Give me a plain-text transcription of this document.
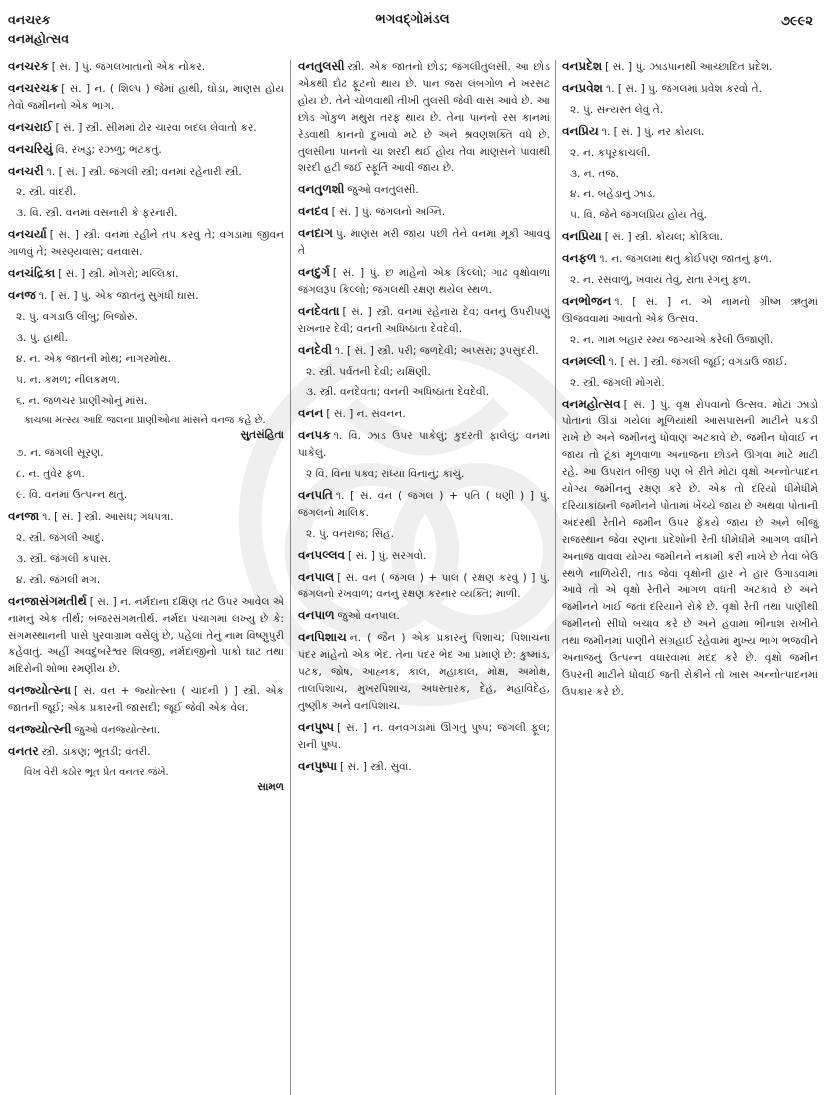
વનચરક
વનમહોત્સવ
ભગવદ્ગોમંડલ	૭૯૯૨
વનચરક [ સં. ] પું. જંગલખાતાનો એક નોકર.
વનચરચક્ર [ સં. ] ન. ( શિલ્પ ) જેમાં હાથી, ઘોડા, માણસ હોય તેવો જમીનનો એક ભાગ.
વનચરાઈ [ સં. ] સ્ત્રી. સીમમાં ઢોર ચારવા બદલ લેવાતો કર.
વનચરિયું વિ. રખડુ; રઝળુ; ભટકતું.
વનચરી ૧. [ સં. ] સ્ત્રી. જંગલી સ્ત્રી; વનમાં રહેનારી સ્ત્રી.
૨. સ્ત્રી. વાંદરી.
૩. વિ. સ્ત્રી. વનમાં વસનારી કે ફરનારી.
વનચર્યા [ સં. ] સ્ત્રી. વનમાં રહીને તપ કરવું તે; વગડામાં જીવન ગાળવું તે; અરણ્યવાસ; વનવાસ.
વનચંદ્રિકા [ સં. ] સ્ત્રી. મોગરો; મલ્લિકા.
વનજ ૧. [ સં. ] પું. એક જાતનું સુગંધી ઘાસ.
૨. પું. વગડાઉ લીંબુ; બિજોરું.
૩. પું. હાથી.
૪. ન. એક જાતની મોથ; નાગરમોથ.
૫. ન. કમળ; નીલકમળ.
૬. ન. જળચર પ્રાણીઓનું માંસ.
કાચબા મત્સ્ય આદિ જલના પ્રાણીઓના માંસને વનજ કહે છે.
સુતસંહિતા
૭. ન. જંગલી સૂરણ.
૮. ન. તુવેર ફળ.
૯. વિ. વનમાં ઉત્પન્ન થતું.
વનજા ૧. [ સં. ] સ્ત્રી. આસંધ; ગંધપત્રા.
૨. સ્ત્રી. જંગલી આદું.
૩. સ્ત્રી. જંગલી કપાસ.
૪. સ્ત્રી. જંગલી મગ.
વનજાસંગમતીર્થ [ સં. ] ન. નર્મદાના દક્ષિણ તટ ઉપર આવેલ એ નામનું એક તીર્થ; બંજરસંગમતીર્થ. નર્મદા પંચાગમાં લખ્યું છે કે: સંગમસ્થાનની પાસે પુરવાગ્રામ વસેલું છે, પહેલાં તેનું નામ વિષ્ણુપુરી કહેવાતું. અહીં અવદુંબરેશ્વર શિવજી, નર્મદાજીનો પાકો ઘાટ તથા મંદિરોની શોભા રમણીય છે.
વનજ્યોત્સ્ના [ સં. વન + જ્યોત્સ્ના ( ચાંદની ) ] સ્ત્રી. એક જાતની જૂઈ; એક પ્રકારની જાસદી; જૂઈ જેવી એક વેલ.
વનજ્યોત્સ્ની જુઓ વનજ્યોત્સ્ના.
વનતર સ્ત્રી. ડાકણ; ભૂતડી; વંતરી.
વિખ વેરી કઠોર ભૂત પ્રેત વનતર જંખે.
સામળ
વનતુલસી સ્ત્રી. એક જાતનો છોડ; જંગલીતુલસી. આ છોડ એકથી દોઢ ફૂટનો થાય છે. પાન જરા લંબગોળ ને ખરસટ હોય છે. તેને ચોળવાથી તીખી તુલસી જેવી વાસ આવે છે. આ છોડ ગોકુળ મથુરા તરફ થાય છે. તેના પાનનો રસ કાનમાં રેડવાથી કાનનો દુખાવો મટે છે અને શ્રવણશક્તિ વધે છે. તુલસીના પાનનો ચા શરદી થઈ હોય તેવા માણસને પાવાથી શરદી હટી જઈ સ્ફૂર્તિ આવી જાય છે.
વનતુળશી જુઓ વનતુલસી.
વનદવ [ સં. ] પું. જંગલનો અગ્નિ.
વનદાગ પું. માણસ મરી જાય પછી તેને વનમાં મૂકી આવવું તે
વનદુર્ગ [ સં. ] પું. છ માંહેનો એક કિલ્લો; ગાઢ વૃક્ષોવાળાં જંગલરૂપ કિલ્લો; જંગલથી રક્ષણ થયેલ સ્થળ.
વનદેવતા [ સં. ] સ્ત્રી. વનમાં રહેનારા દેવ; વનનું ઉપરીપણું રાખનાર દેવી; વનની અધિષ્ઠાતા દેવદેવી.
વનદેવી ૧. [ સં. ] સ્ત્રી. પરી; જળદેવી; અપ્સરા; રૂપસુંદરી.
૨. સ્ત્રી. પર્વતની દેવી; યક્ષિણી.
૩. સ્ત્રી. વનદેવતા; વનની અધિષ્ઠાતા દેવદેવી.
વનન [ સં. ] ન. સંવનન.
વનપક ૧. વિ. ઝાડ ઉપર પાકેલું; કુદરતી ફાલેલું; વનમાં પાકેલું.
૨ વિ. વિના પક્વ; રાંધ્યા વિનાનું; કાચું.
વનપતિ ૧. [ સં. વન ( જંગલ ) + પતિ ( ધણી ) ] પું. જંગલનો માલિક.
૨. પું. વનરાજ; સિંહ.
વનપલ્લવ [ સં. ] પું. સરગવો.
વનપાલ [ સં. વન ( જંગલ ) + પાલ ( રક્ષણ કરવું ) ] પું. જંગલનો રખવાળ; વનનું રક્ષણ કરનાર વ્યક્તિ; માળી.
વનપાળ જુઓ વનપાલ.
વનપિશાચ ન. ( જૈન ) એક પ્રકારનું પિશાચ; પિશાચના પંદર માંહેનો એક ભેદ. તેના પંદર ભેદ આ પ્રમાણે છે: કુષ્માંડ, પટક, જોષ, આહ્નક, કાલ, મહાકાલ, મોક્ષ, અમોક્ષ, તાલપિશાચ, મુખરપિશાચ, અધસ્તારક, દેહ, મહાવિદેહ, તુષ્ણીક અને વનપિશાચ.
વનપુષ્પ [ સં. ] ન. વનવગડામાં ઊગતું પુષ્પ; જંગલી ફૂલ; રાની પુષ્પ.
વનપુષ્પા [ સં. ] સ્ત્રી. સુવા.
વનપ્રદેશ [ સં. ] પું. ઝાડપાનથી આચ્છાદિત પ્રદેશ.
વનપ્રવેશ ૧. [ સં. ] પું. જંગલમાં પ્રવેશ કરવો તે.
૨. પું. સંન્યસ્ત લેવું તે.
વનપ્રિય ૧. [ સં. ] પું. નર કોયલ.
૨. ન. કપૂરકાચલી.
૩. ન. તજ.
૪. ન. બહેડાનું ઝાડ.
૫. વિ. જેને જંગલપ્રિય હોય તેવું.
વનપ્રિયા [ સં. ] સ્ત્રી. કોયલ; કોકિલા.
વનફળ ૧. ન. જંગલમાં થતું કોઈપણ જાતનું ફળ.
૨. ન. રસવાળું, ખવાય તેવું, રાતા રંગનું ફળ.
વનભોજન ૧. [ સં. ] ન. એ નામનો ગ્રીષ્મ ઋતુમાં ઊજવવામાં આવતો એક ઉત્સવ.
૨. ન. ગામ બહાર રમ્ય જગ્યાએ કરેલી ઉજાણી.
વનમલ્લી ૧. [ સં. ] સ્ત્રી. જંગલી જૂઈ; વગડાઉ જાઈ.
૨. સ્ત્રી. જંગલી મોગરો.
વનમહોત્સવ [ સં. ] પું. વૃક્ષ રોપવાનો ઉત્સવ. મોટાં ઝાડો પોતાનાં ઊંડાં ગયેલાં મૂળિયાંથી આસપાસની માટીને પકડી રાખે છે અને જમીનનું ધોવાણ અટકાવે છે. જમીન ધોવાઈ ન જાય તો ટૂંકાં મૂળવાળા અનાજના છોડને ઊગવા માટે માટી રહે. આ ઉપરાંત બીજી પણ બે રીતે મોટાં વૃક્ષો અન્નોત્પાદન યોગ્ય જમીનનું રક્ષણ કરે છે. એક તો દરિયો ધીમેધીમે દરિયાકાંઠાની જમીનને પોતામાં ખેંચ્યે જાય છે અથવા પોતાની અંદરથી રેતીને જમીન ઉપર ફેંકયે જાય છે અને બીજું રાજસ્થાન જેવા રણના પ્રદેશોની રેતી ધીમેધીમે આગળ વધીને અનાજ વાવવા યોગ્ય જમીનને નકામી કરી નાખે છે તેવાં બેઉ સ્થળે નાળિયેરી, તાડ જેવાં વૃક્ષોની હાર ને હાર ઉગાડવામાં આવે તો એ વૃક્ષો રેતીને આગળ વધતી અટકાવે છે અને જમીનને ખાઈ જતાં દરિયાને રોકે છે. વૃક્ષો રેતી તથા પાણીથી જમીનનો સીધો બચાવ કરે છે અને હવામાં ભીનાશ રાખીને તથા જમીનમાં પાણીને સંગ્રહાઈ રહેવામાં મુખ્ય ભાગ ભજવીને અનાજનું ઉત્પન્ન વધારવામાં મદદ કરે છે. વૃક્ષો જમીન ઉપરની માટીને ધોવાઈ જતી રોકીને તો ખાસ અન્નોત્પાદનમાં ઉપકાર કરે છે.
